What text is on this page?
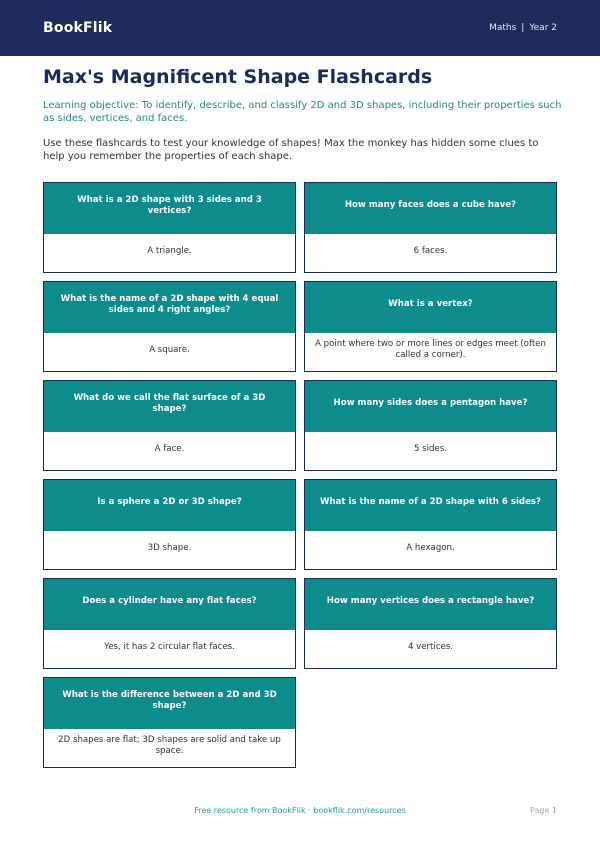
BookFlik	Maths | Year 2
Max's Magnificent Shape Flashcards

Learning objective: To identify, describe, and classify 2D and 3D shapes, including their properties such as sides, vertices, and faces.

Use these flashcards to test your knowledge of shapes! Max the monkey has hidden some clues to help you remember the properties of each shape.

What is a 2D shape with 3 sides and 3 vertices?
A triangle.
How many faces does a cube have?
6 faces.
What is the name of a 2D shape with 4 equal sides and 4 right angles?
A square.
What is a vertex?
A point where two or more lines or edges meet (often called a corner).
What do we call the flat surface of a 3D shape?
A face.
How many sides does a pentagon have?
5 sides.
Is a sphere a 2D or 3D shape?
3D shape.
What is the name of a 2D shape with 6 sides?
A hexagon.
Does a cylinder have any flat faces?
Yes, it has 2 circular flat faces.
How many vertices does a rectangle have?
4 vertices.
What is the difference between a 2D and 3D shape?
2D shapes are flat; 3D shapes are solid and take up space.
Free resource from BookFlik · bookflik.com/resources	Page 1
